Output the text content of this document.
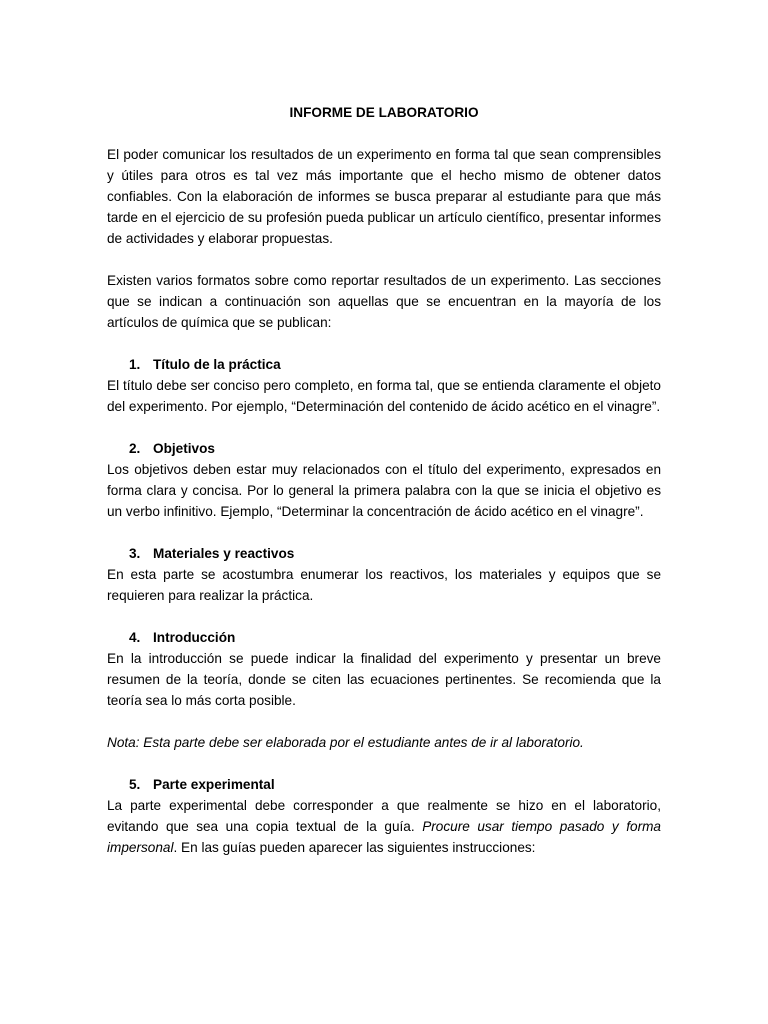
INFORME DE LABORATORIO

El poder comunicar los resultados de un experimento en forma tal que sean comprensibles y útiles para otros es tal vez más importante que el hecho mismo de obtener datos confiables. Con la elaboración de informes se busca preparar al estudiante para que más tarde en el ejercicio de su profesión pueda publicar un artículo científico, presentar informes de actividades y elaborar propuestas.

Existen varios formatos sobre como reportar resultados de un experimento. Las secciones que se indican a continuación son aquellas que se encuentran en la mayoría de los artículos de química que se publican:

1. Título de la práctica

El título debe ser conciso pero completo, en forma tal, que se entienda claramente el objeto del experimento. Por ejemplo, “Determinación del contenido de ácido acético en el vinagre”.

2. Objetivos

Los objetivos deben estar muy relacionados con el título del experimento, expresados en forma clara y concisa. Por lo general la primera palabra con la que se inicia el objetivo es un verbo infinitivo. Ejemplo, “Determinar la concentración de ácido acético en el vinagre”.

3. Materiales y reactivos

En esta parte se acostumbra enumerar los reactivos, los materiales y equipos que se requieren para realizar la práctica.

4. Introducción

En la introducción se puede indicar la finalidad del experimento y presentar un breve resumen de la teoría, donde se citen las ecuaciones pertinentes. Se recomienda que la teoría sea lo más corta posible.

Nota: Esta parte debe ser elaborada por el estudiante antes de ir al laboratorio.

5. Parte experimental

La parte experimental debe corresponder a que realmente se hizo en el laboratorio, evitando que sea una copia textual de la guía. Procure usar tiempo pasado y forma impersonal. En las guías pueden aparecer las siguientes instrucciones:
